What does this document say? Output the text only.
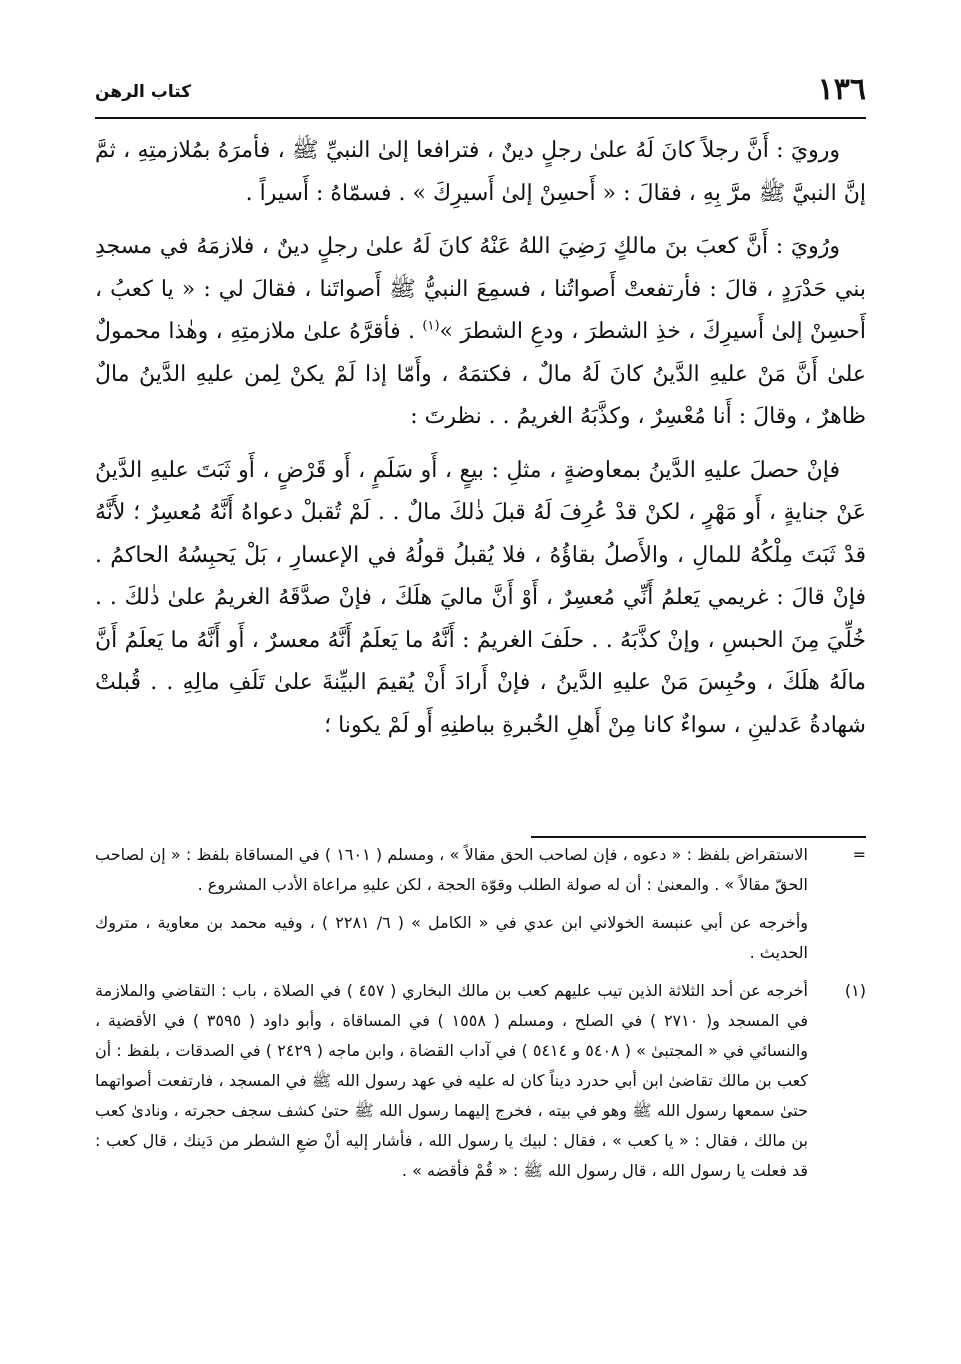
١٣٦
كتاب الرهن

ورويَ : أَنَّ رجلاً كانَ لَهُ علىٰ رجلٍ دينٌ ، فترافعا إلىٰ النبيِّ ﷺ ، فأمرَهُ بمُلازمتِهِ ، ثمَّ إنَّ النبيَّ ﷺ مرَّ بِهِ ، فقالَ : « أَحسِنْ إلىٰ أَسيرِكَ » . فسمّاهُ : أَسيراً .

ورُويَ : أَنَّ كعبَ بنَ مالكٍ رَضِيَ اللهُ عَنْهُ كانَ لَهُ علىٰ رجلٍ دينٌ ، فلازمَهُ في مسجدِ بني حَدْرَدٍ ، قالَ : فأرتفعتْ أَصواتُنا ، فسمِعَ النبيُّ ﷺ أَصواتَنا ، فقالَ لي : « يا كعبُ ، أَحسِنْ إلىٰ أَسيرِكَ ، خذِ الشطرَ ، ودعِ الشطرَ »$^{(١)}$ . فأقرَّهُ علىٰ ملازمتِهِ ، وهٰذا محمولٌ علىٰ أَنَّ مَنْ عليهِ الدَّينُ كانَ لَهُ مالٌ ، فكتمَهُ ، وأَمّا إذا لَمْ يكنْ لِمن عليهِ الدَّينُ مالٌ ظاهرٌ ، وقالَ : أَنا مُعْسِرٌ ، وكذَّبَهُ الغريمُ . . نظرتَ :

فإنْ حصلَ عليهِ الدَّينُ بمعاوضةٍ ، مثلِ : بيعٍ ، أَو سَلَمٍ ، أَو قَرْضٍ ، أَو ثَبَتَ عليهِ الدَّينُ عَنْ جنايةٍ ، أَو مَهْرٍ ، لكنْ قدْ عُرِفَ لَهُ قبلَ ذٰلكَ مالٌ . . لَمْ تُقبلْ دعواهُ أَنَّهُ مُعسِرٌ ؛ لأَنَّهُ قدْ ثَبَتَ مِلْكُهُ للمالِ ، والأَصلُ بقاؤُهُ ، فلا يُقبلُ قولُهُ في الإعسارِ ، بَلْ يَحبِسُهُ الحاكمُ . فإنْ قالَ : غريمي يَعلمُ أَنِّي مُعسِرٌ ، أَوْ أَنَّ ماليَ هلَكَ ، فإنْ صدَّقَهُ الغريمُ علىٰ ذٰلكَ . . خُلِّيَ مِنَ الحبسِ ، وإنْ كذَّبَهُ . . حلَفَ الغريمُ : أَنَّهُ ما يَعلَمُ أَنَّهُ معسرٌ ، أَو أَنَّهُ ما يَعلَمُ أَنَّ مالَهُ هلَكَ ، وحُبِسَ مَنْ عليهِ الدَّينُ ، فإنْ أَرادَ أَنْ يُقيمَ البيِّنةَ علىٰ تَلَفِ مالِهِ . . قُبلتْ شهادةُ عَدلينِ ، سواءٌ كانا مِنْ أَهلِ الخُبرةِ بباطنِهِ أَو لَمْ يكونا ؛

=
الاستقراض بلفظ : « دعوه ، فإن لصاحب الحق مقالاً » ، ومسلم ( ١٦٠١ ) في المساقاة بلفظ : « إن لصاحب الحقّ مقالاً » . والمعنىٰ : أن له صولة الطلب وقوّة الحجة ، لكن عليهِ مراعاة الأدب المشروع .
وأخرجه عن أبي عنبسة الخولاني ابن عدي في « الكامل » ( ٦/ ٢٢٨١ ) ، وفيه محمد بن معاوية ، متروك الحديث .
(١)
أخرجه عن أحد الثلاثة الذين تيب عليهم كعب بن مالك البخاري ( ٤٥٧ ) في الصلاة ، باب : التقاضي والملازمة في المسجد و( ٢٧١٠ ) في الصلح ، ومسلم ( ١٥٥٨ ) في المساقاة ، وأبو داود ( ٣٥٩٥ ) في الأقضية ، والنسائي في « المجتبىٰ » ( ٥٤٠٨ و ٥٤١٤ ) في آداب القضاة ، وابن ماجه ( ٢٤٢٩ ) في الصدقات ، بلفظ : أن كعب بن مالك تقاضىٰ ابن أبي حدرد ديناً كان له عليه في عهد رسول الله ﷺ في المسجد ، فارتفعت أصواتهما حتىٰ سمعها رسول الله ﷺ وهو في بيته ، فخرج إليهما رسول الله ﷺ حتىٰ كشف سجف حجرته ، ونادىٰ كعب بن مالك ، فقال : « يا كعب » ، فقال : لبيك يا رسول الله ، فأشار إليه أنْ ضعِ الشطر من دَينك ، قال كعب : قد فعلت يا رسول الله ، قال رسول الله ﷺ : « قُمْ فأقضه » .
